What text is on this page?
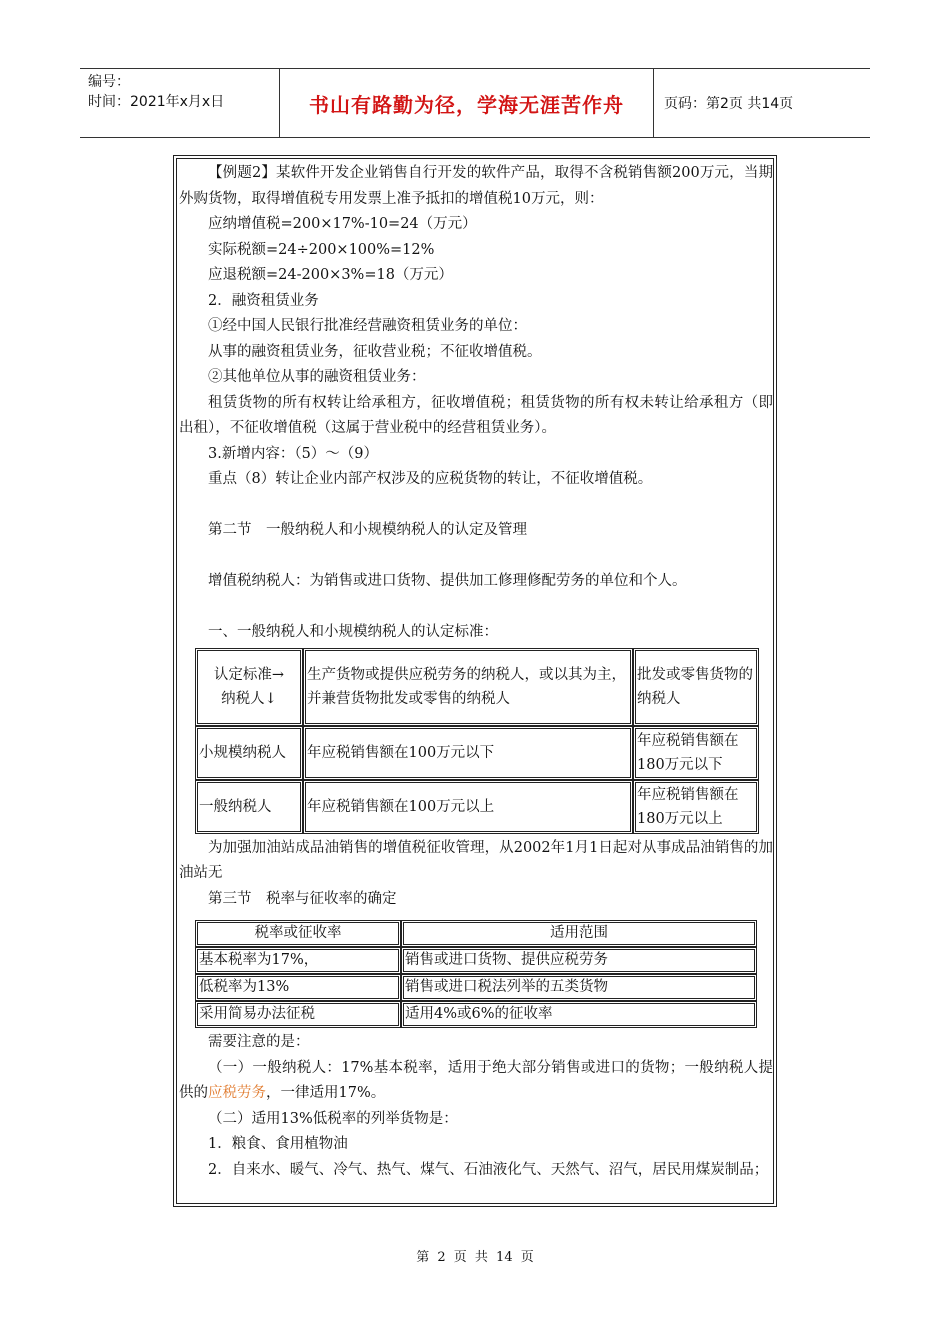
编号：
时间：2021年x月x日	书山有路勤为径，学海无涯苦作舟	页码：第2页 共14页

【例题2】某软件开发企业销售自行开发的软件产品，取得不含税销售额200万元，当期外购货物，取得增值税专用发票上准予抵扣的增值税10万元，则：

应纳增值税=200×17%-10=24（万元）

实际税额=24÷200×100%=12%

应退税额=24-200×3%=18（万元）

2．融资租赁业务

①经中国人民银行批准经营融资租赁业务的单位：

从事的融资租赁业务，征收营业税；不征收增值税。

②其他单位从事的融资租赁业务：

租赁货物的所有权转让给承租方，征收增值税；租赁货物的所有权未转让给承租方（即出租），不征收增值税（这属于营业税中的经营租赁业务）。

3.新增内容：（5）～（9）

重点（8）转让企业内部产权涉及的应税货物的转让，不征收增值税。

第二节　一般纳税人和小规模纳税人的认定及管理

增值税纳税人：为销售或进口货物、提供加工修理修配劳务的单位和个人。

一、一般纳税人和小规模纳税人的认定标准：

认定标准→
纳税人↓	生产货物或提供应税劳务的纳税人，或以其为主，并兼营货物批发或零售的纳税人	批发或零售货物的纳税人
小规模纳税人	年应税销售额在100万元以下	年应税销售额在180万元以下
一般纳税人	年应税销售额在100万元以上	年应税销售额在180万元以上

为加强加油站成品油销售的增值税征收管理，从2002年1月1日起对从事成品油销售的加油站无

第三节　税率与征收率的确定

税率或征收率	适用范围
基本税率为17%，	销售或进口货物、提供应税劳务
低税率为13%	销售或进口税法列举的五类货物
采用简易办法征税	适用4%或6%的征收率

需要注意的是：

（一）一般纳税人：17%基本税率，适用于绝大部分销售或进口的货物；一般纳税人提供的应税劳务，一律适用17%。

（二）适用13%低税率的列举货物是：

1．粮食、食用植物油

2．自来水、暖气、冷气、热气、煤气、石油液化气、天然气、沼气，居民用煤炭制品；

第 2 页 共 14 页
